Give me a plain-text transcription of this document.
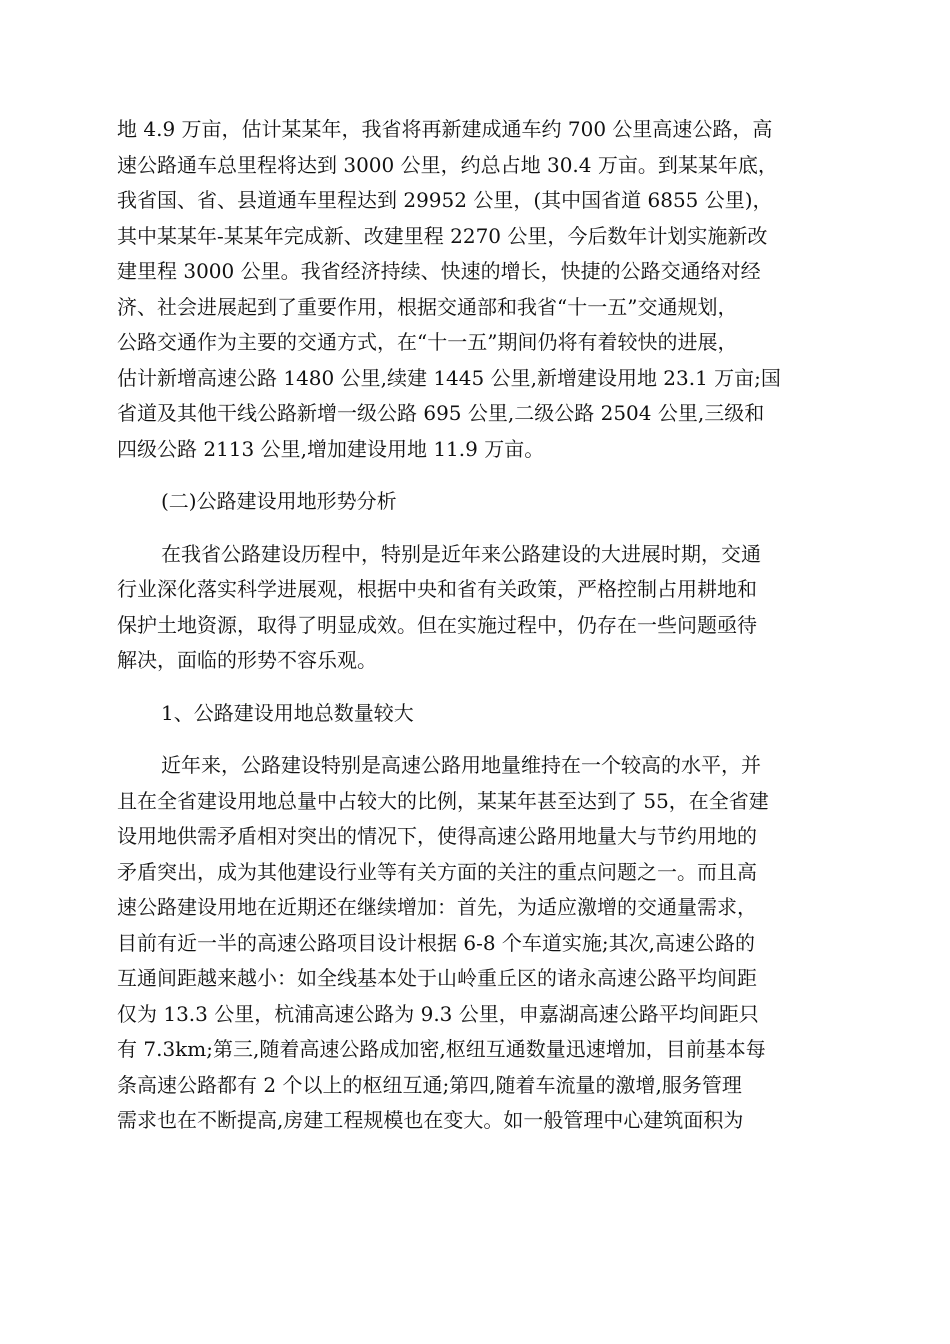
地 4.9 万亩，估计某某年，我省将再新建成通车约 700 公里高速公路，高
速公路通车总里程将达到 3000 公里，约总占地 30.4 万亩。到某某年底，
我省国、省、县道通车里程达到 29952 公里，(其中国省道 6855 公里)，
其中某某年-某某年完成新、改建里程 2270 公里，今后数年计划实施新改
建里程 3000 公里。我省经济持续、快速的增长，快捷的公路交通络对经
济、社会进展起到了重要作用，根据交通部和我省“十一五”交通规划，
公路交通作为主要的交通方式，在“十一五”期间仍将有着较快的进展，
估计新增高速公路 1480 公里,续建 1445 公里,新增建设用地 23.1 万亩;国
省道及其他干线公路新增一级公路 695 公里,二级公路 2504 公里,三级和
四级公路 2113 公里,增加建设用地 11.9 万亩。

(二)公路建设用地形势分析

在我省公路建设历程中，特别是近年来公路建设的大进展时期，交通
行业深化落实科学进展观，根据中央和省有关政策，严格控制占用耕地和
保护土地资源，取得了明显成效。但在实施过程中，仍存在一些问题亟待
解决，面临的形势不容乐观。

1、公路建设用地总数量较大

近年来，公路建设特别是高速公路用地量维持在一个较高的水平，并
且在全省建设用地总量中占较大的比例，某某年甚至达到了 55，在全省建
设用地供需矛盾相对突出的情况下，使得高速公路用地量大与节约用地的
矛盾突出，成为其他建设行业等有关方面的关注的重点问题之一。而且高
速公路建设用地在近期还在继续增加：首先，为适应激增的交通量需求，
目前有近一半的高速公路项目设计根据 6-8 个车道实施;其次,高速公路的
互通间距越来越小：如全线基本处于山岭重丘区的诸永高速公路平均间距
仅为 13.3 公里，杭浦高速公路为 9.3 公里，申嘉湖高速公路平均间距只
有 7.3km;第三,随着高速公路成加密,枢纽互通数量迅速增加，目前基本每
条高速公路都有 2 个以上的枢纽互通;第四,随着车流量的激增,服务管理
需求也在不断提高,房建工程规模也在变大。如一般管理中心建筑面积为
